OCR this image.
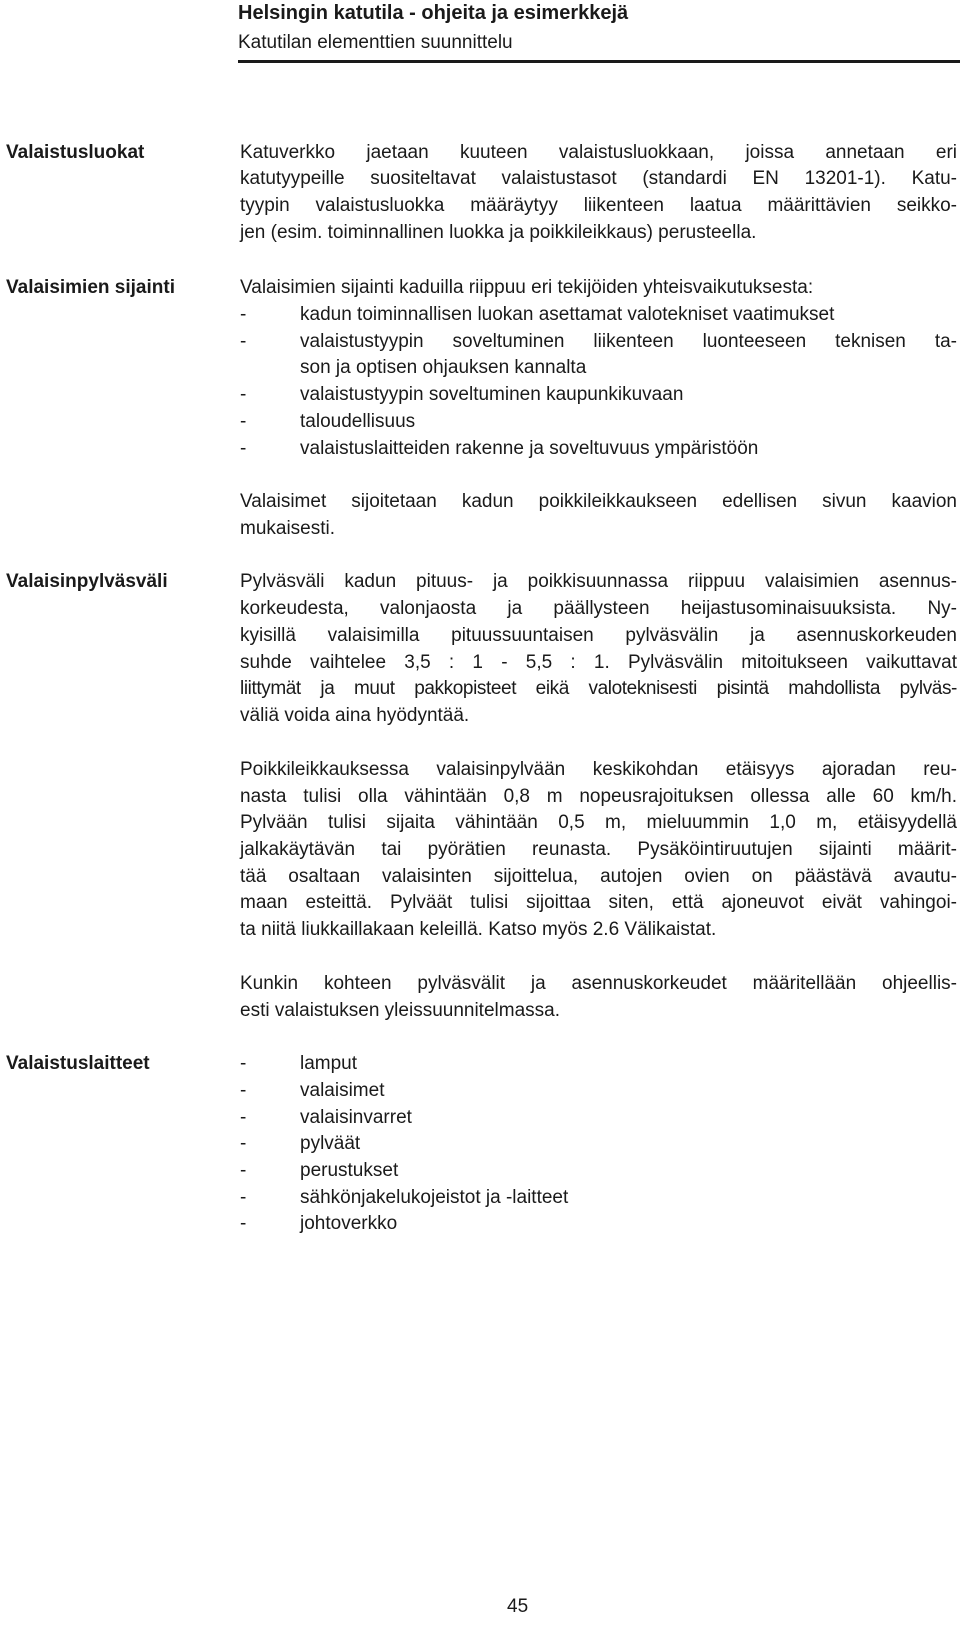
Helsingin katutila - ohjeita ja esimerkkejä
Katutilan elementtien suunnittelu
Valaistusluokat	Katuverkko jaetaan kuuteen valaistusluokkaan, joissa annetaan eri
katutyypeille suositeltavat valaistustasot (standardi EN 13201-1). Katu-
tyypin valaistusluokka määräytyy liikenteen laatua määrittävien seikko-
jen (esim. toiminnallinen luokka ja poikkileikkaus) perusteella.
Valaisimien sijainti	Valaisimien sijainti kaduilla riippuu eri tekijöiden yhteisvaikutuksesta:
-	kadun toiminnallisen luokan asettamat valotekniset vaatimukset
-	valaistustyypin soveltuminen liikenteen luonteeseen teknisen ta-
son ja optisen ohjauksen kannalta
-	valaistustyypin soveltuminen kaupunkikuvaan
-	taloudellisuus
-	valaistuslaitteiden rakenne ja soveltuvuus ympäristöön
Valaisimet sijoitetaan kadun poikkileikkaukseen edellisen sivun kaavion
mukaisesti.
Valaisinpylväsväli	Pylväsväli kadun pituus- ja poikkisuunnassa riippuu valaisimien asennus-
korkeudesta, valonjaosta ja päällysteen heijastusominaisuuksista. Ny-
kyisillä valaisimilla pituussuuntaisen pylväsvälin ja asennuskorkeuden
suhde vaihtelee 3,5 : 1 - 5,5 : 1. Pylväsvälin mitoitukseen vaikuttavat
liittymät ja muut pakkopisteet eikä valoteknisesti pisintä mahdollista pylväs-
väliä voida aina hyödyntää.
Poikkileikkauksessa valaisinpylvään keskikohdan etäisyys ajoradan reu-
nasta tulisi olla vähintään 0,8 m nopeusrajoituksen ollessa alle 60 km/h.
Pylvään tulisi sijaita vähintään 0,5 m, mieluummin 1,0 m, etäisyydellä
jalkakäytävän tai pyörätien reunasta. Pysäköintiruutujen sijainti määrit-
tää osaltaan valaisinten sijoittelua, autojen ovien on päästävä avautu-
maan esteittä. Pylväät tulisi sijoittaa siten, että ajoneuvot eivät vahingoi-
ta niitä liukkaillakaan keleillä. Katso myös 2.6 Välikaistat.
Kunkin kohteen pylväsvälit ja asennuskorkeudet määritellään ohjeellis-
esti valaistuksen yleissuunnitelmassa.
Valaistuslaitteet	-	lamput
-	valaisimet
-	valaisinvarret
-	pylväät
-	perustukset
-	sähkönjakelukojeistot ja -laitteet
-	johtoverkko
45
